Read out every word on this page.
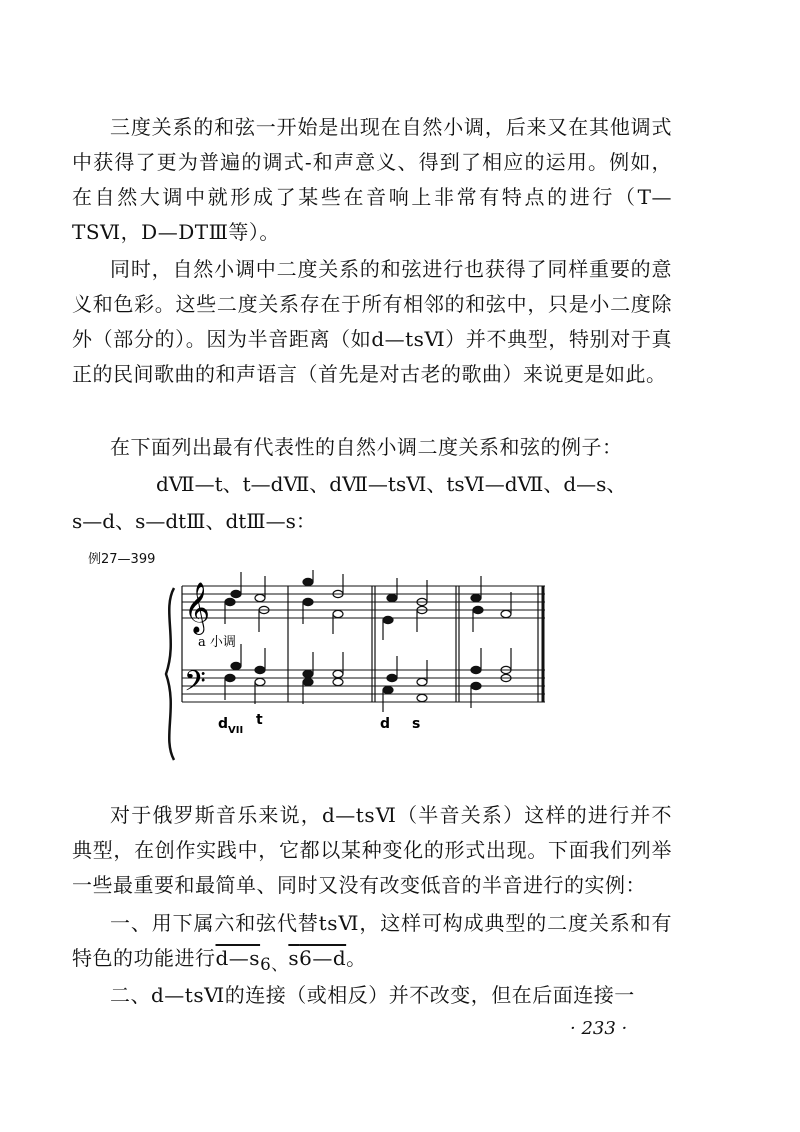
三度关系的和弦一开始是出现在自然小调，后来又在其他调式中获得了更为普遍的调式-和声意义、得到了相应的运用。例如，在自然大调中就形成了某些在音响上非常有特点的进行（T—TSⅥ，D—DTⅢ等）。

同时，自然小调中二度关系的和弦进行也获得了同样重要的意义和色彩。这些二度关系存在于所有相邻的和弦中，只是小二度除外（部分的）。因为半音距离（如d—tsⅥ）并不典型，特别对于真正的民间歌曲的和声语言（首先是对古老的歌曲）来说更是如此。

在下面列出最有代表性的自然小调二度关系和弦的例子：

dⅦ—t、t—dⅦ、dⅦ—tsⅥ、tsⅥ—dⅦ、d—s、
s—d、s—dtⅢ、dtⅢ—s：
例27—399
𝄞
𝄢
a 小调
d VII
t	d s

对于俄罗斯音乐来说，d—tsⅥ（半音关系）这样的进行并不典型，在创作实践中，它都以某种变化的形式出现。下面我们列举一些最重要和最简单、同时又没有改变低音的半音进行的实例：

一、用下属六和弦代替tsⅥ，这样可构成典型的二度关系和有特色的功能进行$d—s_{6、}\overline{s}6—d$。

二、d—tsⅥ的连接（或相反）并不改变，但在后面连接一

· 233 ·
